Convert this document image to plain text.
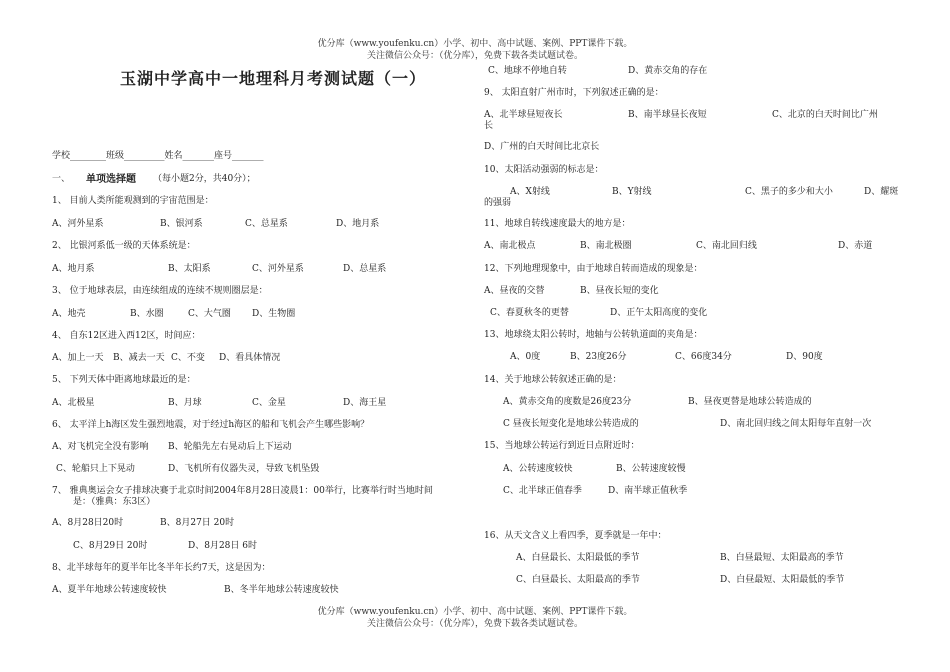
优分库（www.youfenku.cn）小学、初中、高中试题、案例、PPT课件下载。
关注微信公众号：（优分库），免费下载各类试题试卷。
玉湖中学高中一地理科月考测试题（一）
学校________班级_________姓名_______座号_______
一、 单项选择题 （每小题2分，共40分）；
1、 目前人类所能观测到的宇宙范围是：
A、河外星系	B、银河系	C、总星系	D、地月系
2、 比银河系低一级的天体系统是：
A、地月系	B、太阳系	C、河外星系	D、总星系
3、 位于地球表层，由连续组成的连续不规则圈层是：
A、地壳	B、水圈	C、大气圈 D、生物圈
4、 自东12区进入西12区，时间应：
A、加上一天 B、减去一天 C、不变 D、看具体情况
5、 下列天体中距离地球最近的是：
A、北极星	B、月球	C、金星	D、海王星
6、 太平洋上h海区发生强烈地震，对于经过h海区的船和飞机会产生哪些影响？
A、对飞机完全没有影响 B、轮船先左右晃动后上下运动
C、轮船只上下晃动	D、飞机所有仪器失灵，导致飞机坠毁
7、 雅典奥运会女子排球决赛于北京时间2004年8月28日凌晨1：00举行，比赛举行时当地时间
是：（雅典：东3区）
A、8月28日20时	B、8月27日 20时
C、8月29日 20时	D、8月28日 6时
8、北半球每年的夏半年比冬半年长约7天，这是因为：
A、夏半年地球公转速度较快	B、冬半年地球公转速度较快
C、地球不停地自转	D、黄赤交角的存在
9、 太阳直射广州市时，下列叙述正确的是：
A、北半球昼短夜长	B、南半球昼长夜短	C、北京的白天时间比广州
长
D、广州的白天时间比北京长
10、太阳活动强弱的标志是：
A、X射线	B、Y射线	C、黑子的多少和大小	D、耀斑
的强弱
11、地球自转线速度最大的地方是：
A、南北极点	B、南北极圈	C、南北回归线	D、赤道
12、下列地理现象中，由于地球自转而造成的现象是：
A、昼夜的交替	B、昼夜长短的变化
C、春夏秋冬的更替	D、正午太阳高度的变化
13、地球绕太阳公转时，地轴与公转轨道面的夹角是：
A、0度	B、23度26分	C、66度34分	D、90度
14、关于地球公转叙述正确的是：
A、黄赤交角的度数是26度23分	B、昼夜更替是地球公转造成的
C 昼夜长短变化是地球公转造成的	D、南北回归线之间太阳每年直射一次
15、当地球公转运行到近日点附近时：
A、公转速度较快	B、公转速度较慢
C、北半球正值春季	D、南半球正值秋季
16、从天文含义上看四季，夏季就是一年中：
A、白昼最长、太阳最低的季节	B、白昼最短、太阳最高的季节
C、白昼最长、太阳最高的季节	D、白昼最短、太阳最低的季节
优分库（www.youfenku.cn）小学、初中、高中试题、案例、PPT课件下载。
关注微信公众号：（优分库），免费下载各类试题试卷。
